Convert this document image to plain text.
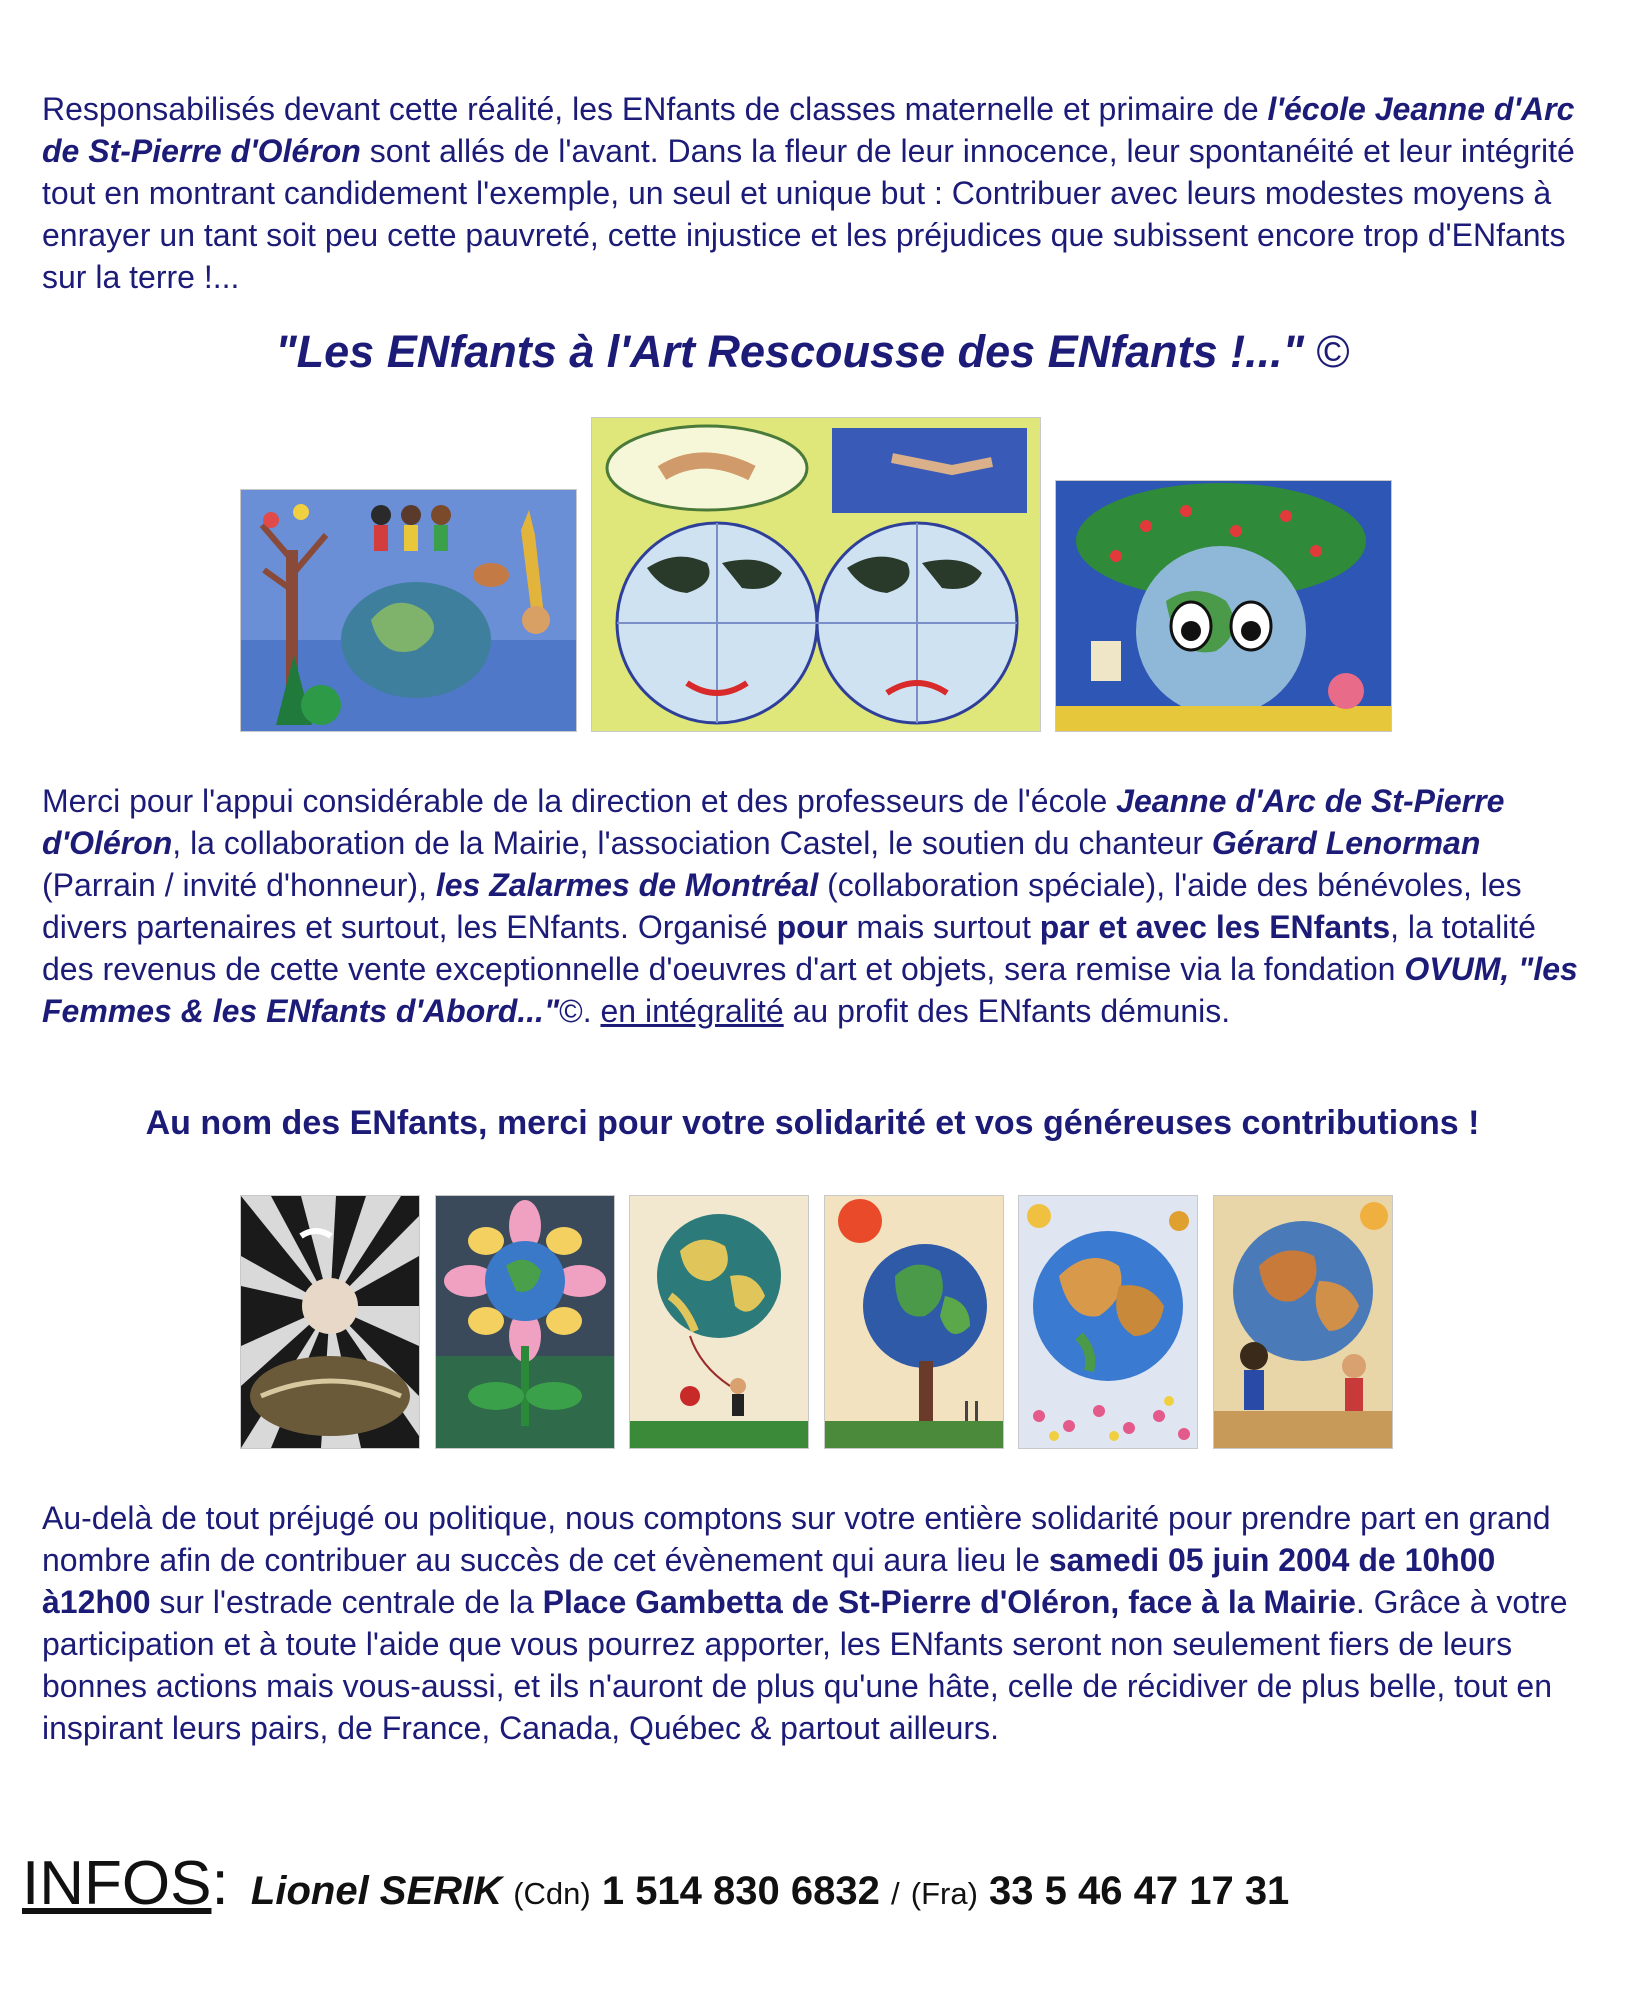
Responsabilisés devant cette réalité, les ENfants de classes maternelle et primaire de l'école Jeanne d'Arc de St-Pierre d'Oléron sont allés de l'avant. Dans la fleur de leur innocence, leur spontanéité et leur intégrité tout en montrant candidement l'exemple, un seul et unique but : Contribuer avec leurs modestes moyens à enrayer un tant soit peu cette pauvreté, cette injustice et les préjudices que subissent encore trop d'ENfants sur la terre !...

"Les ENfants à l'Art Rescousse des ENfants !..." ©

Merci pour l'appui considérable de la direction et des professeurs de l'école Jeanne d'Arc de St-Pierre d'Oléron, la collaboration de la Mairie, l'association Castel, le soutien du chanteur Gérard Lenorman (Parrain / invité d'honneur), les Zalarmes de Montréal (collaboration spéciale), l'aide des bénévoles, les divers partenaires et surtout, les ENfants. Organisé pour mais surtout par et avec les ENfants, la totalité des revenus de cette vente exceptionnelle d'oeuvres d'art et objets, sera remise via la fondation OVUM, "les Femmes & les ENfants d'Abord..."©. en intégralité au profit des ENfants démunis.

Au nom des ENfants, merci pour votre solidarité et vos généreuses contributions !

Au-delà de tout préjugé ou politique, nous comptons sur votre entière solidarité pour prendre part en grand nombre afin de contribuer au succès de cet évènement qui aura lieu le samedi 05 juin 2004 de 10h00 à12h00 sur l'estrade centrale de la Place Gambetta de St-Pierre d'Oléron, face à la Mairie. Grâce à votre participation et à toute l'aide que vous pourrez apporter, les ENfants seront non seulement fiers de leurs bonnes actions mais vous-aussi, et ils n'auront de plus qu'une hâte, celle de récidiver de plus belle, tout en inspirant leurs pairs, de France, Canada, Québec & partout ailleurs.

INFOS: Lionel SERIK (Cdn) 1 514 830 6832 / (Fra) 33 5 46 47 17 31
